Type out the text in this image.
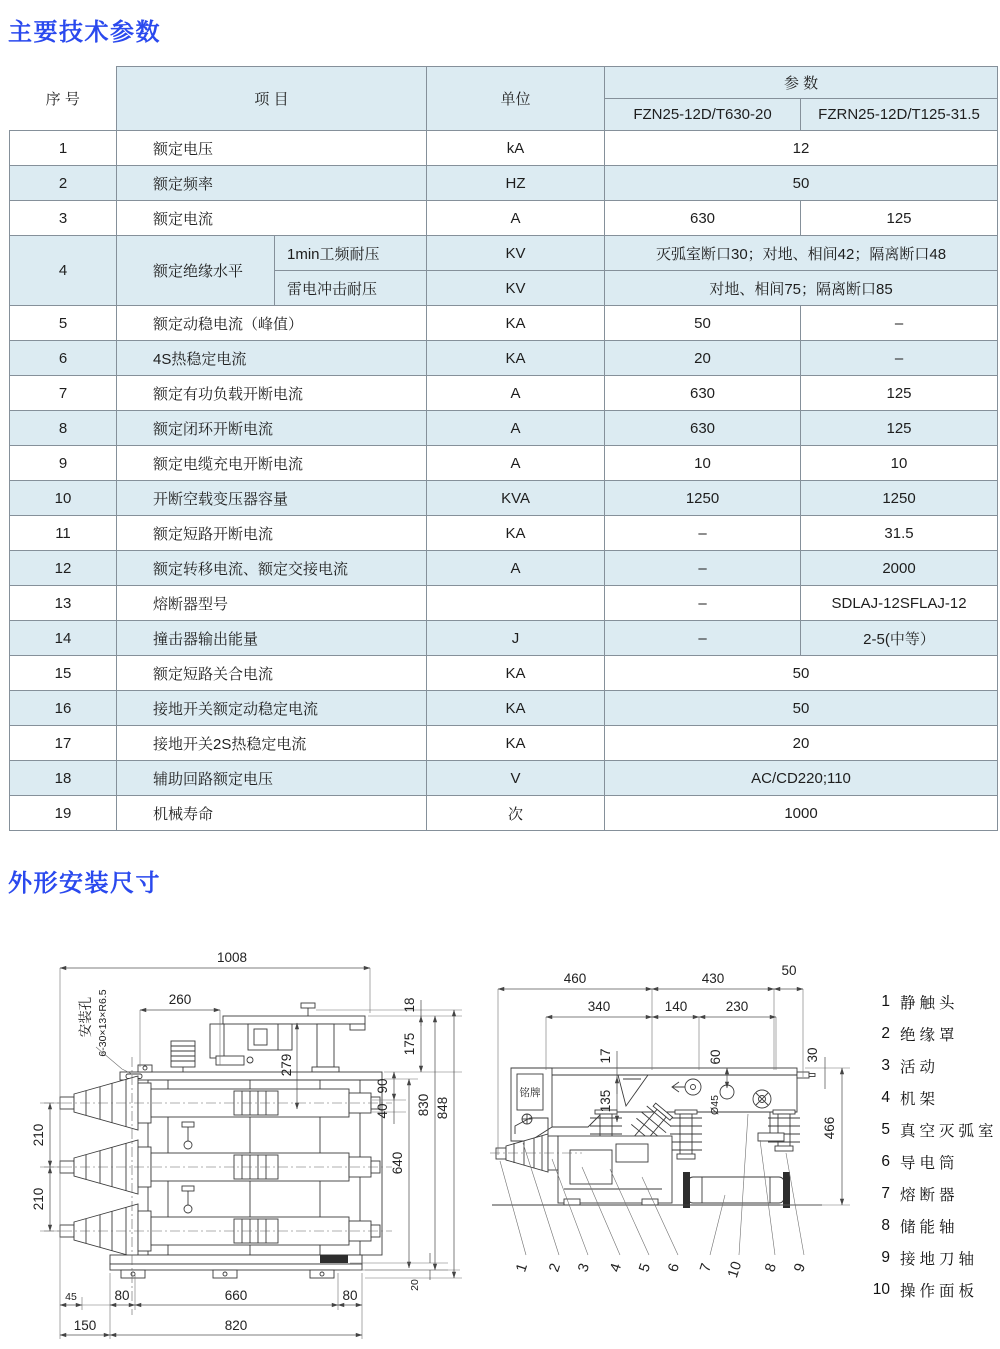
主要技术参数
序 号	项 目		单位	参 数	
				FZN25-12D/T630-20	FZRN25-12D/T125-31.5
1	额定电压		kA	12	
2	额定频率		HZ	50	
3	额定电流		A	630	125
4	额定绝缘水平	1min工频耐压	KV	灭弧室断口30；对地、相间42；隔离断口48	
		雷电冲击耐压	KV	对地、相间75；隔离断口85	
5	额定动稳电流（峰值）		KA	50	–
6	4S热稳定电流		KA	20	–
7	额定有功负载开断电流		A	630	125
8	额定闭环开断电流		A	630	125
9	额定电缆充电开断电流		A	10	10
10	开断空载变压器容量		KVA	1250	1250
11	额定短路开断电流		KA	–	31.5
12	额定转移电流、额定交接电流		A	–	2000
13	熔断器型号			–	SDLAJ-12SFLAJ-12
14	撞击器输出能量		J	–	2-5(中等）
15	额定短路关合电流		KA	50	
16	接地开关额定动稳定电流		KA	50	
17	接地开关2S热稳定电流		KA	20	
18	辅助回路额定电压		V	AC/CD220;110	
19	机械寿命		次	1000	
外形安装尺寸
1008
260
安装孔 6-30×13×R6.5
279
18
175
90
40 830 848
640
210
210
20
45	80	660	80
150	820
铭牌
460	430
50
340	140	230
17
135
60
Ø45
30
466
1 2 3 4 5 6 7 10 8 9
1 静触头
2 绝缘罩
3 活动
4 机架
5 真空灭弧室
6 导电筒
7 熔断器
8 储能轴
9 接地刀轴
10 操作面板
